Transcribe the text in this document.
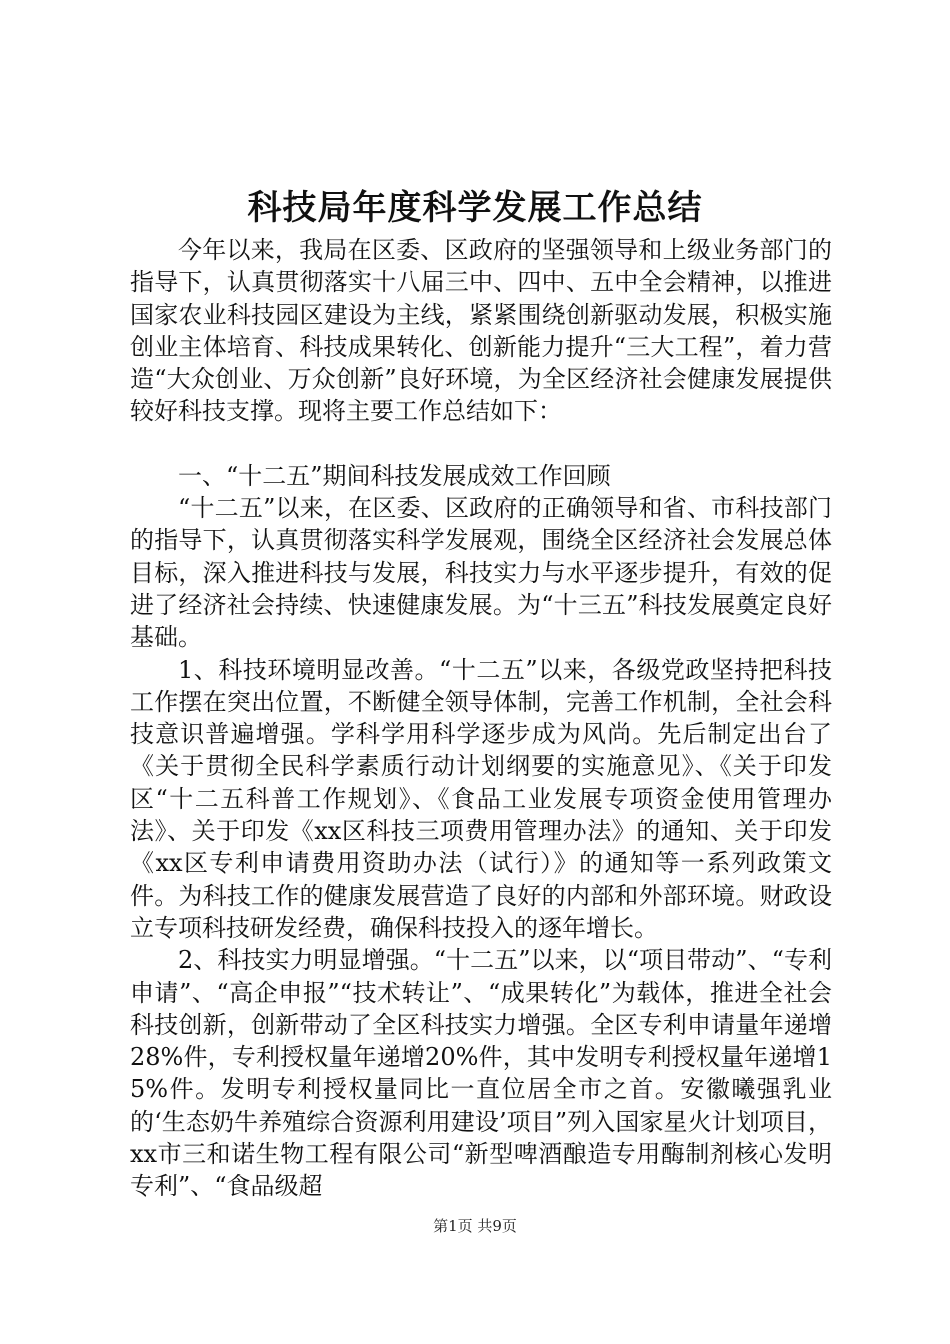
科技局年度科学发展工作总结

今年以来，我局在区委、区政府的坚强领导和上级业务部门的指导下，认真贯彻落实十八届三中、四中、五中全会精神，以推进国家农业科技园区建设为主线，紧紧围绕创新驱动发展，积极实施创业主体培育、科技成果转化、创新能力提升“三大工程”，着力营造“大众创业、万众创新”良好环境，为全区经济社会健康发展提供较好科技支撑。现将主要工作总结如下：

一、“十二五”期间科技发展成效工作回顾

“十二五”以来，在区委、区政府的正确领导和省、市科技部门的指导下，认真贯彻落实科学发展观，围绕全区经济社会发展总体目标，深入推进科技与发展，科技实力与水平逐步提升，有效的促进了经济社会持续、快速健康发展。为“十三五”科技发展奠定良好基础。

1、科技环境明显改善。“十二五”以来，各级党政坚持把科技工作摆在突出位置，不断健全领导体制，完善工作机制，全社会科技意识普遍增强。学科学用科学逐步成为风尚。先后制定出台了《关于贯彻全民科学素质行动计划纲要的实施意见》、《关于印发区“十二五科普工作规划》、《食品工业发展专项资金使用管理办法》、关于印发《xx区科技三项费用管理办法》的通知、关于印发《xx区专利申请费用资助办法（试行）》的通知等一系列政策文件。为科技工作的健康发展营造了良好的内部和外部环境。财政设立专项科技研发经费，确保科技投入的逐年增长。

2、科技实力明显增强。“十二五”以来，以“项目带动”、“专利申请”、“高企申报”“技术转让”、“成果转化”为载体，推进全社会科技创新，创新带动了全区科技实力增强。全区专利申请量年递增28%件，专利授权量年递增20%件，其中发明专利授权量年递增15%件。发明专利授权量同比一直位居全市之首。安徽曦强乳业的‘生态奶牛养殖综合资源利用建设’项目”列入国家星火计划项目，xx市三和诺生物工程有限公司“新型啤酒酿造专用酶制剂核心发明专利”、“食品级超

第1页 共9页
